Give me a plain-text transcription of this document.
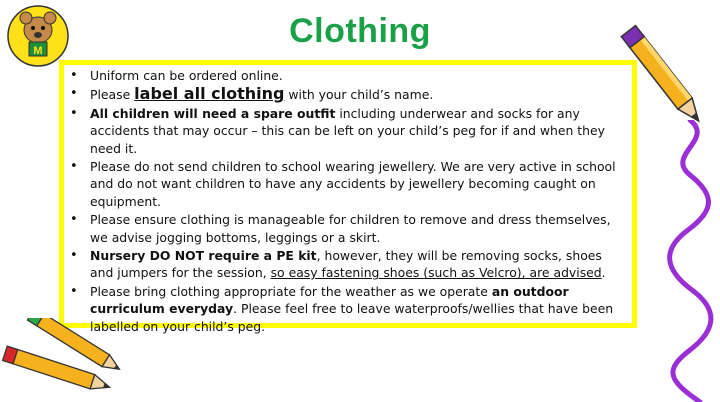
M
Clothing
• Uniform can be ordered online.
• Please label all clothing with your child’s name.
• All children will need a spare outfit including underwear and socks for any accidents that may occur – this can be left on your child’s peg for if and when they need it.
• Please do not send children to school wearing jewellery. We are very active in school and do not want children to have any accidents by jewellery becoming caught on equipment.
• Please ensure clothing is manageable for children to remove and dress themselves, we advise jogging bottoms, leggings or a skirt.
• Nursery DO NOT require a PE kit, however, they will be removing socks, shoes and jumpers for the session, so easy fastening shoes (such as Velcro), are advised.
• Please bring clothing appropriate for the weather as we operate an outdoor curriculum everyday. Please feel free to leave waterproofs/wellies that have been labelled on your child’s peg.
